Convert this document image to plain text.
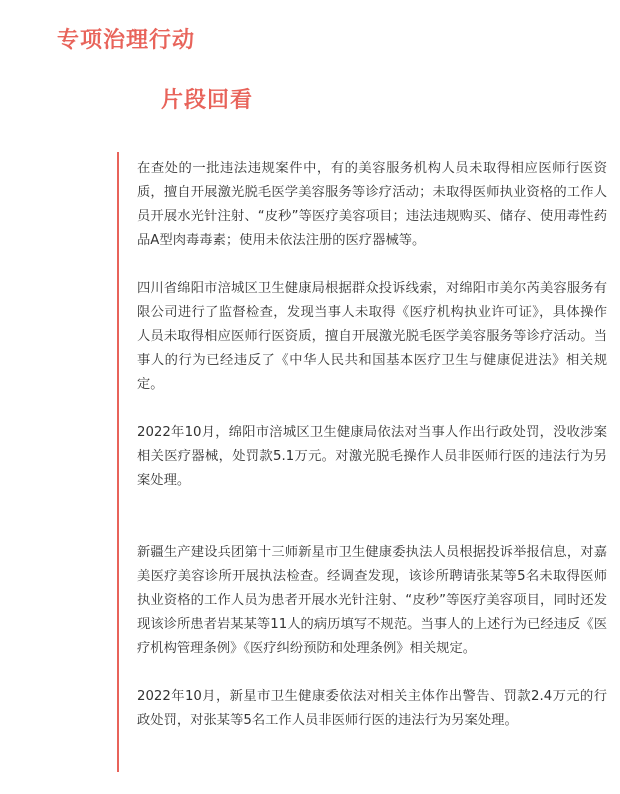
专项治理行动
片段回看

在查处的一批违法违规案件中，有的美容服务机构人员未取得相应医师行医资质，擅自开展激光脱毛医学美容服务等诊疗活动；未取得医师执业资格的工作人员开展水光针注射、“皮秒”等医疗美容项目；违法违规购买、储存、使用毒性药品A型肉毒毒素；使用未依法注册的医疗器械等。

四川省绵阳市涪城区卫生健康局根据群众投诉线索，对绵阳市美尔芮美容服务有限公司进行了监督检查，发现当事人未取得《医疗机构执业许可证》，具体操作人员未取得相应医师行医资质，擅自开展激光脱毛医学美容服务等诊疗活动。当事人的行为已经违反了《中华人民共和国基本医疗卫生与健康促进法》相关规定。

2022年10月，绵阳市涪城区卫生健康局依法对当事人作出行政处罚，没收涉案相关医疗器械，处罚款5.1万元。对激光脱毛操作人员非医师行医的违法行为另案处理。

新疆生产建设兵团第十三师新星市卫生健康委执法人员根据投诉举报信息，对嘉美医疗美容诊所开展执法检查。经调查发现，该诊所聘请张某等5名未取得医师执业资格的工作人员为患者开展水光针注射、“皮秒”等医疗美容项目，同时还发现该诊所患者岩某某等11人的病历填写不规范。当事人的上述行为已经违反《医疗机构管理条例》《医疗纠纷预防和处理条例》相关规定。

2022年10月，新星市卫生健康委依法对相关主体作出警告、罚款2.4万元的行政处罚，对张某等5名工作人员非医师行医的违法行为另案处理。
